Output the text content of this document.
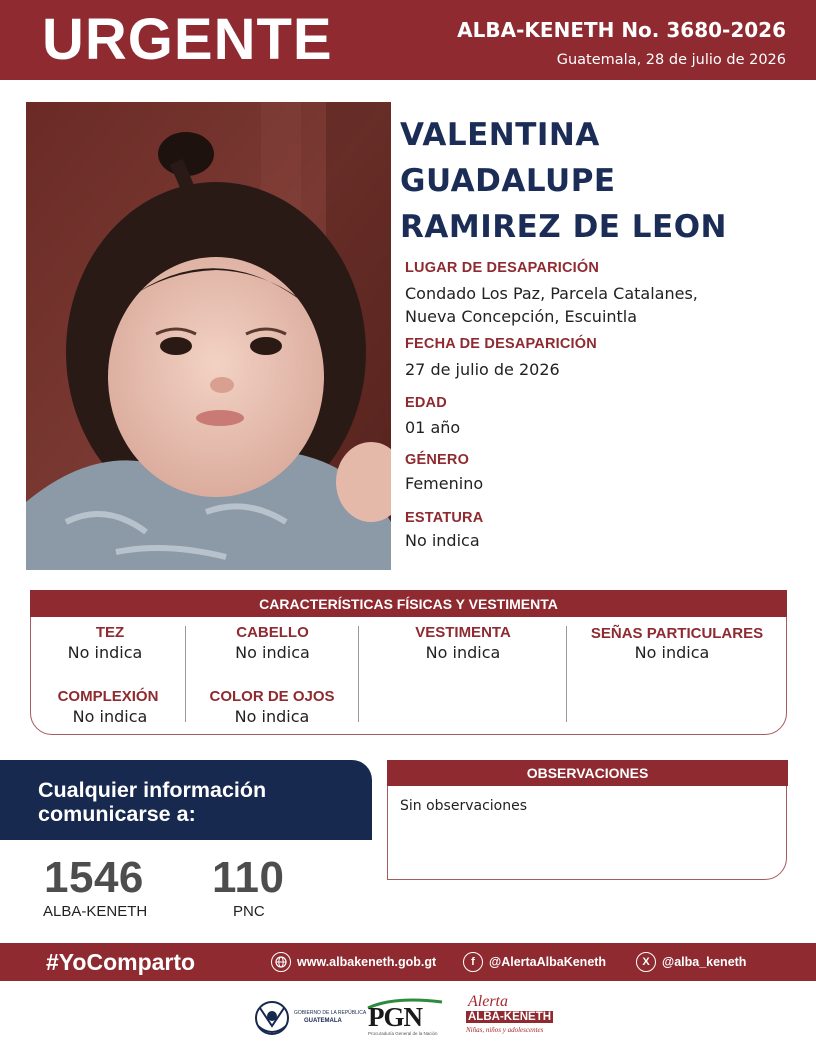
URGENTE	ALBA-KENETH No. 3680-2026
Guatemala, 28 de julio de 2026
VALENTINA
GUADALUPE
RAMIREZ DE LEON
LUGAR DE DESAPARICIÓN
Condado Los Paz, Parcela Catalanes,
Nueva Concepción, Escuintla
FECHA DE DESAPARICIÓN
27 de julio de 2026
EDAD
01 año
GÉNERO
Femenino
ESTATURA
No indica
CARACTERÍSTICAS FÍSICAS Y VESTIMENTA
TEZ
No indica
CABELLO
No indica
VESTIMENTA
No indica
SEÑAS PARTICULARES
No indica
COMPLEXIÓN
No indica
COLOR DE OJOS
No indica
Cualquier información
comunicarse a:
1546
ALBA-KENETH
110
PNC
OBSERVACIONES
Sin observaciones
#YoComparto	www.albakeneth.gob.gt	f	@AlertaAlbaKeneth	X @alba_keneth
GOBIERNO DE LA REPÚBLICA
GUATEMALA PGN
Procuraduría General de la Nación
Alerta
ALBA-KENETH
Niñas, niños y adolescentes
